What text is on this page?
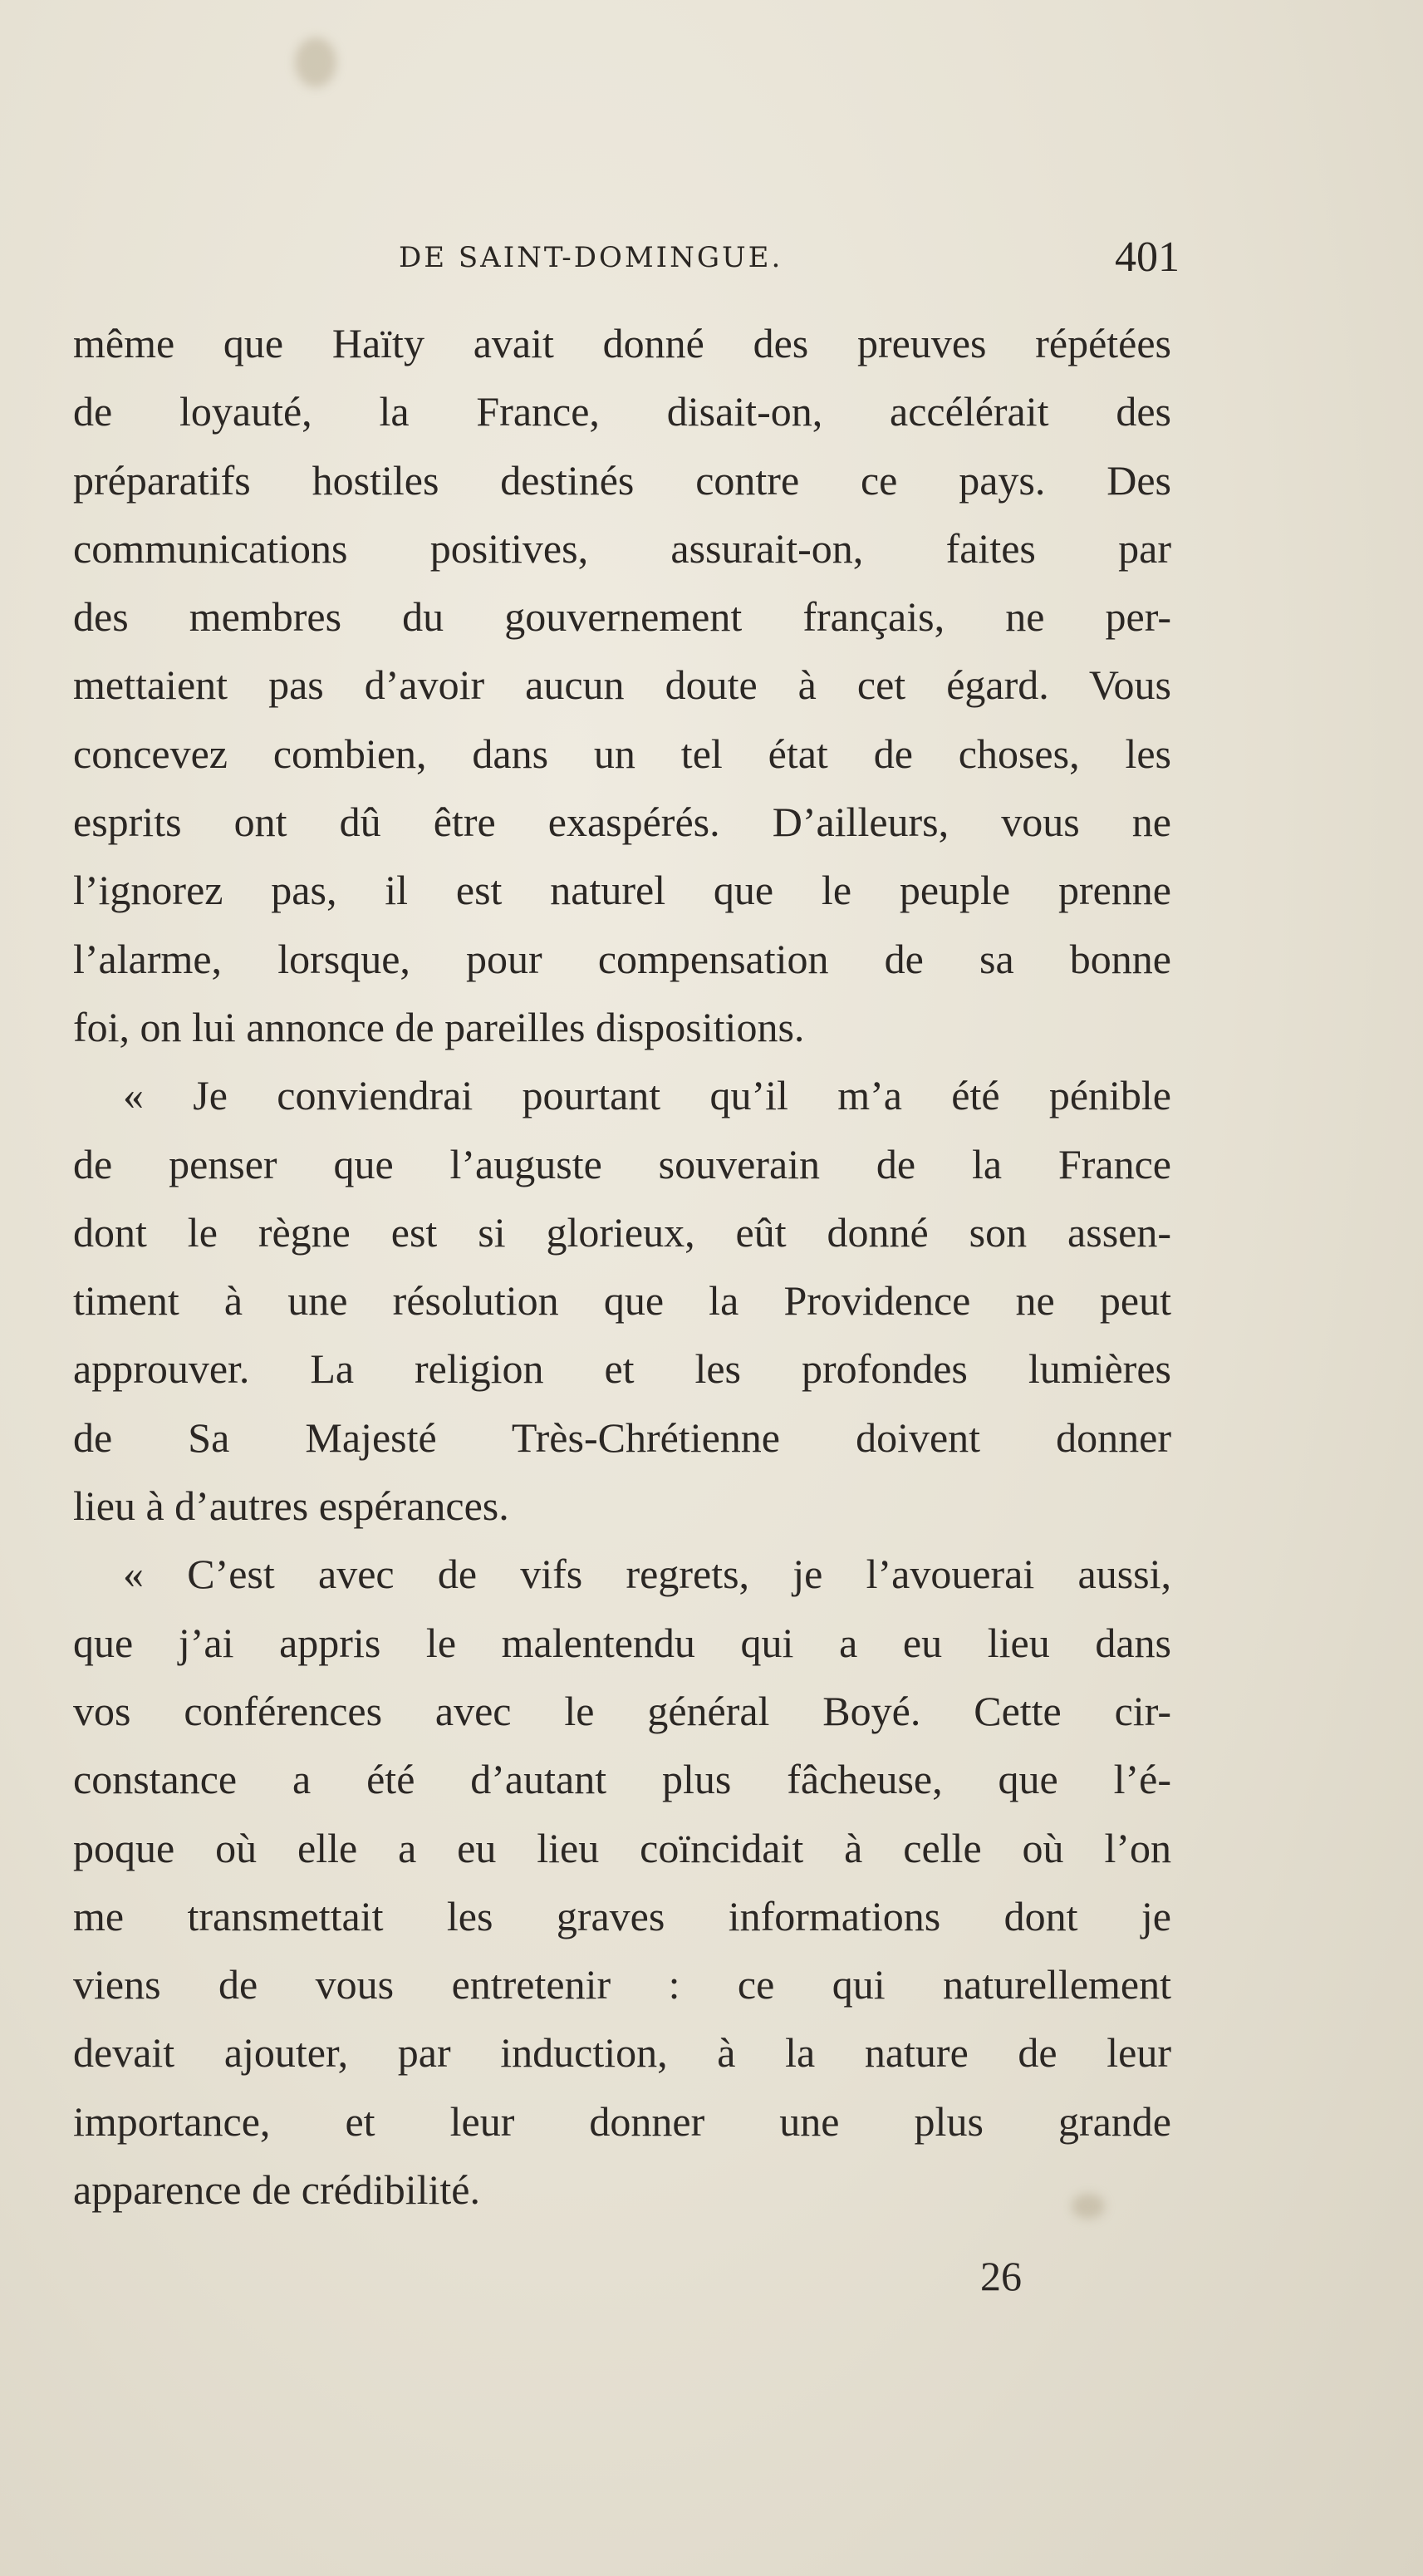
DE SAINT-DOMINGUE.	401

même que Haïty avait donné des preuves répétées
de loyauté, la France, disait-on, accélérait des
préparatifs hostiles destinés contre ce pays. Des
communications positives, assurait-on, faites par
des membres du gouvernement français, ne per-
mettaient pas d’avoir aucun doute à cet égard. Vous
concevez combien, dans un tel état de choses, les
esprits ont dû être exaspérés. D’ailleurs, vous ne
l’ignorez pas, il est naturel que le peuple prenne
l’alarme, lorsque, pour compensation de sa bonne
foi, on lui annonce de pareilles dispositions.

« Je conviendrai pourtant qu’il m’a été pénible
de penser que l’auguste souverain de la France
dont le règne est si glorieux, eût donné son assen-
timent à une résolution que la Providence ne peut
approuver. La religion et les profondes lumières
de Sa Majesté Très-Chrétienne doivent donner
lieu à d’autres espérances.

« C’est avec de vifs regrets, je l’avouerai aussi,
que j’ai appris le malentendu qui a eu lieu dans
vos conférences avec le général Boyé. Cette cir-
constance a été d’autant plus fâcheuse, que l’é-
poque où elle a eu lieu coïncidait à celle où l’on
me transmettait les graves informations dont je
viens de vous entretenir : ce qui naturellement
devait ajouter, par induction, à la nature de leur
importance, et leur donner une plus grande
apparence de crédibilité.

26
